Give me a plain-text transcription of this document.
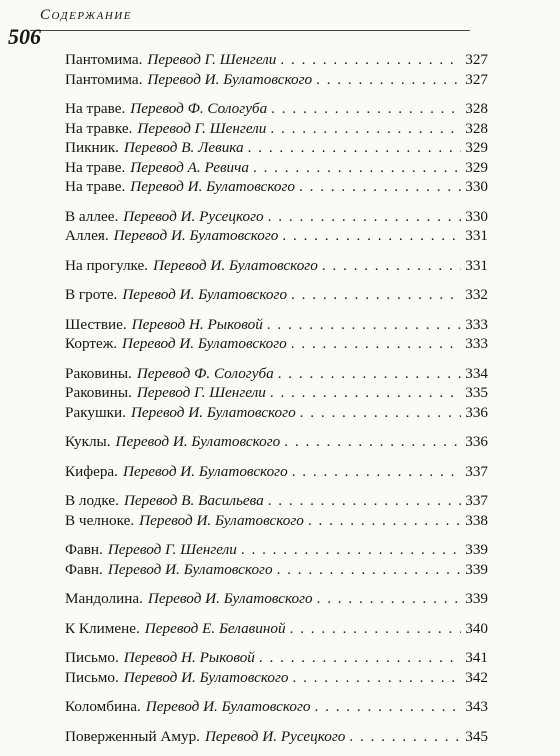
Содержание
506
Пантомима. Перевод Г. Шенгели . . .	327
Пантомима. Перевод И. Булатовского . . .	327
На траве. Перевод Ф. Сологуба . . .	328
На травке. Перевод Г. Шенгели . . .	328
Пикник. Перевод В. Левика . . .	329
На траве. Перевод А. Ревича . . .	329
На траве. Перевод И. Булатовского . . .	330
В аллее. Перевод И. Русецкого . . .	330
Аллея. Перевод И. Булатовского . . .	331
На прогулке. Перевод И. Булатовского . . .	331
В гроте. Перевод И. Булатовского . . .	332
Шествие. Перевод Н. Рыковой . . .	333
Кортеж. Перевод И. Булатовского . . .	333
Раковины. Перевод Ф. Сологуба . . .	334
Раковины. Перевод Г. Шенгели . . .	335
Ракушки. Перевод И. Булатовского . . .	336
Куклы. Перевод И. Булатовского . . .	336
Кифера. Перевод И. Булатовского . . .	337
В лодке. Перевод В. Васильева . . .	337
В челноке. Перевод И. Булатовского . . .	338
Фавн. Перевод Г. Шенгели . . .	339
Фавн. Перевод И. Булатовского . . .	339
Мандолина. Перевод И. Булатовского . . .	339
К Климене. Перевод Е. Белавиной . . .	340
Письмо. Перевод Н. Рыковой . . .	341
Письмо. Перевод И. Булатовского . . .	342
Коломбина. Перевод И. Булатовского . . .	343
Поверженный Амур. Перевод И. Русецкого . . .	345
